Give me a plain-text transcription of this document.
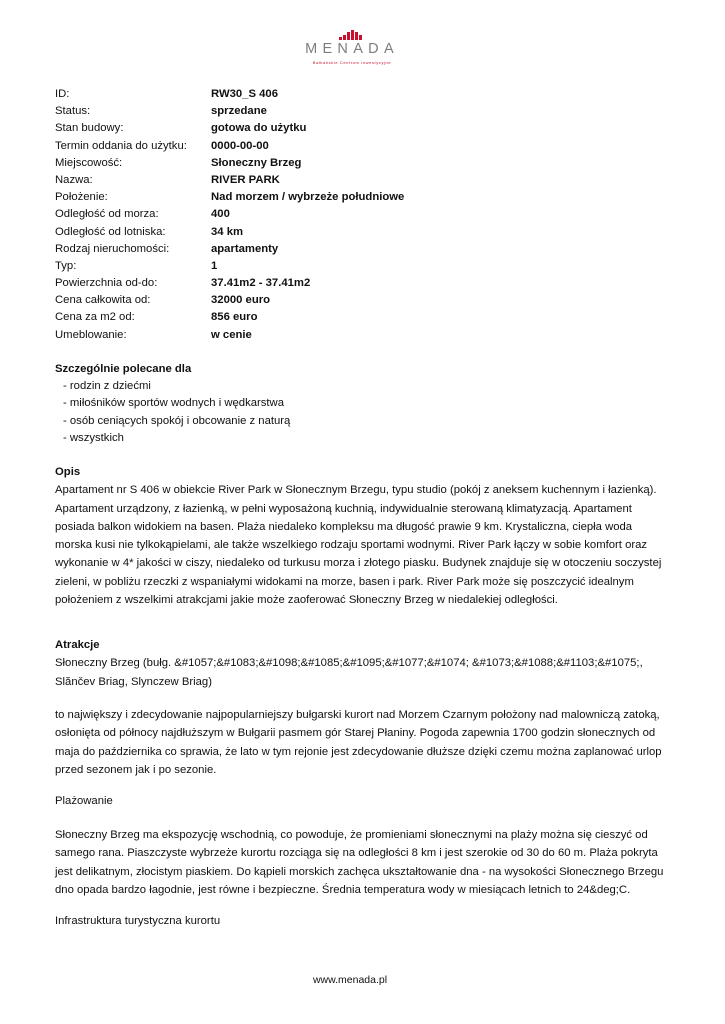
MENADA
Bałkańskie Centrum Inwestycyjne
ID:	RW30_S 406
Status:	sprzedane
Stan budowy:	gotowa do użytku
Termin oddania do użytku: 0000-00-00
Miejscowość:	Słoneczny Brzeg
Nazwa:	RIVER PARK
Położenie:	Nad morzem / wybrzeże południowe
Odległość od morza:	400
Odległość od lotniska:	34 km
Rodzaj nieruchomości:	apartamenty
Typ:	1
Powierzchnia od-do:	37.41m2 - 37.41m2
Cena całkowita od:	32000 euro
Cena za m2 od:	856 euro
Umeblowanie:	w cenie
Szczególnie polecane dla
- rodzin z dziećmi
- miłośników sportów wodnych i wędkarstwa
- osób ceniących spokój i obcowanie z naturą
- wszystkich
Opis
Apartament nr S 406 w obiekcie River Park w Słonecznym Brzegu, typu studio (pokój z aneksem kuchennym i łazienką). Apartament urządzony, z łazienką, w pełni wyposażoną kuchnią, indywidualnie sterowaną klimatyzacją. Apartament posiada balkon widokiem na basen. Plaża niedaleko kompleksu ma długość prawie 9 km. Krystaliczna, ciepła woda morska kusi nie tylkokąpielami, ale także wszelkiego rodzaju sportami wodnymi. River Park łączy w sobie komfort oraz wykonanie w 4* jakości w ciszy, niedaleko od turkusu morza i złotego piasku. Budynek znajduje się w otoczeniu soczystej zieleni, w pobliżu rzeczki z wspaniałymi widokami na morze, basen i park. River Park może się poszczycić idealnym położeniem z wszelkimi atrakcjami jakie może zaoferować Słoneczny Brzeg w niedalekiej odległości.
Atrakcje
Słoneczny Brzeg (bułg. &#1057;&#1083;&#1098;&#1085;&#1095;&#1077;&#1074; &#1073;&#1088;&#1103;&#1075;, Slănčev Briag, Slynczew Briag)
to największy i zdecydowanie najpopularniejszy bułgarski kurort nad Morzem Czarnym położony nad malowniczą zatoką, osłonięta od północy najdłuższym w Bułgarii pasmem gór Starej Płaniny. Pogoda zapewnia 1700 godzin słonecznych od maja do października co sprawia, że lato w tym rejonie jest zdecydowanie dłuższe dzięki czemu można zaplanować urlop przed sezonem jak i po sezonie.
Plażowanie
Słoneczny Brzeg ma ekspozycję wschodnią, co powoduje, że promieniami słonecznymi na plaży można się cieszyć od samego rana. Piaszczyste wybrzeże kurortu rozciąga się na odległości 8 km i jest szerokie od 30 do 60 m. Plaża pokryta jest delikatnym, złocistym piaskiem. Do kąpieli morskich zachęca ukształtowanie dna - na wysokości Słonecznego Brzegu dno opada bardzo łagodnie, jest równe i bezpieczne. Średnia temperatura wody w miesiącach letnich to 24&deg;C.
Infrastruktura turystyczna kurortu
www.menada.pl
